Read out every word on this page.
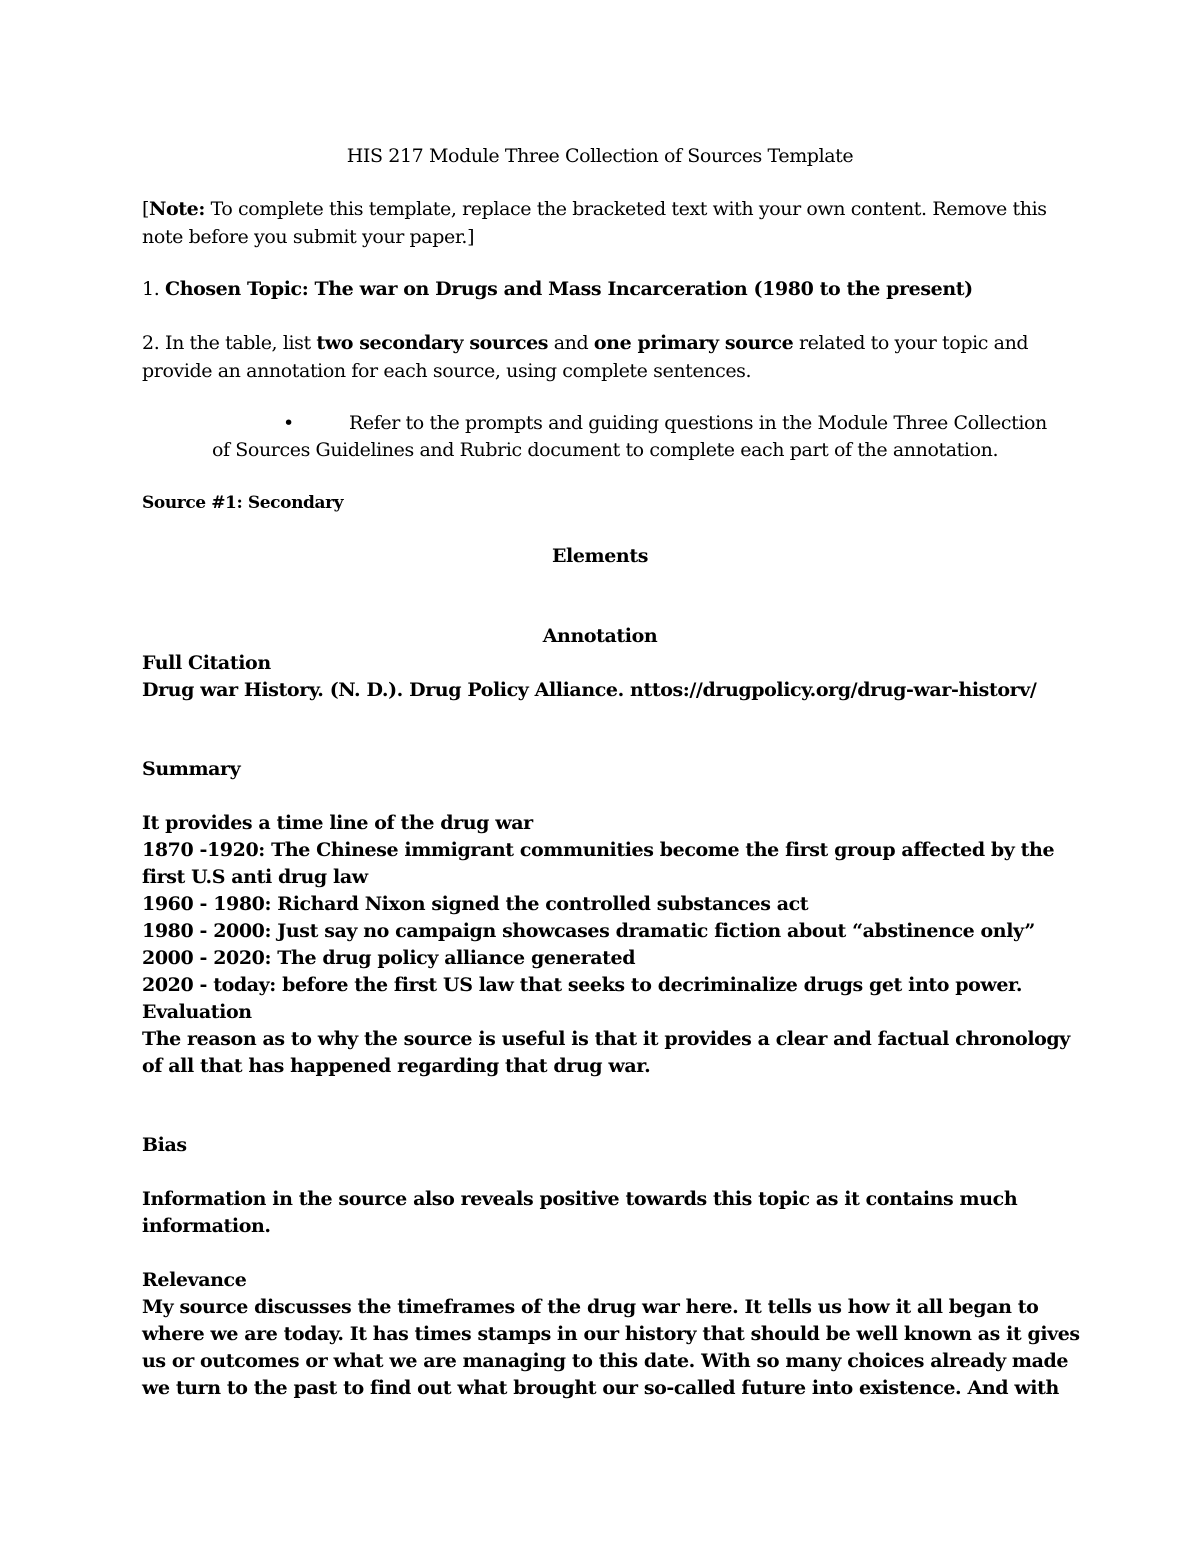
HIS 217 Module Three Collection of Sources Template
[Note: To complete this template, replace the bracketed text with your own content. Remove this
note before you submit your paper.]
1. Chosen Topic: The war on Drugs and Mass Incarceration (1980 to the present)
2. In the table, list two secondary sources and one primary source related to your topic and
provide an annotation for each source, using complete sentences.
•	Refer to the prompts and guiding questions in the Module Three Collection
of Sources Guidelines and Rubric document to complete each part of the annotation.
Source #1: Secondary
Elements
Annotation
Full Citation
Drug war History. (N. D.). Drug Policy Alliance. nttos://drugpolicy.org/drug-war-historv/
Summary
It provides a time line of the drug war
1870 -1920: The Chinese immigrant communities become the first group affected by the
first U.S anti drug law
1960 - 1980: Richard Nixon signed the controlled substances act
1980 - 2000: Just say no campaign showcases dramatic fiction about “abstinence only”
2000 - 2020: The drug policy alliance generated
2020 - today: before the first US law that seeks to decriminalize drugs get into power.
Evaluation
The reason as to why the source is useful is that it provides a clear and factual chronology
of all that has happened regarding that drug war.
Bias
Information in the source also reveals positive towards this topic as it contains much
information.
Relevance
My source discusses the timeframes of the drug war here. It tells us how it all began to
where we are today. It has times stamps in our history that should be well known as it gives
us or outcomes or what we are managing to this date. With so many choices already made
we turn to the past to find out what brought our so-called future into existence. And with
